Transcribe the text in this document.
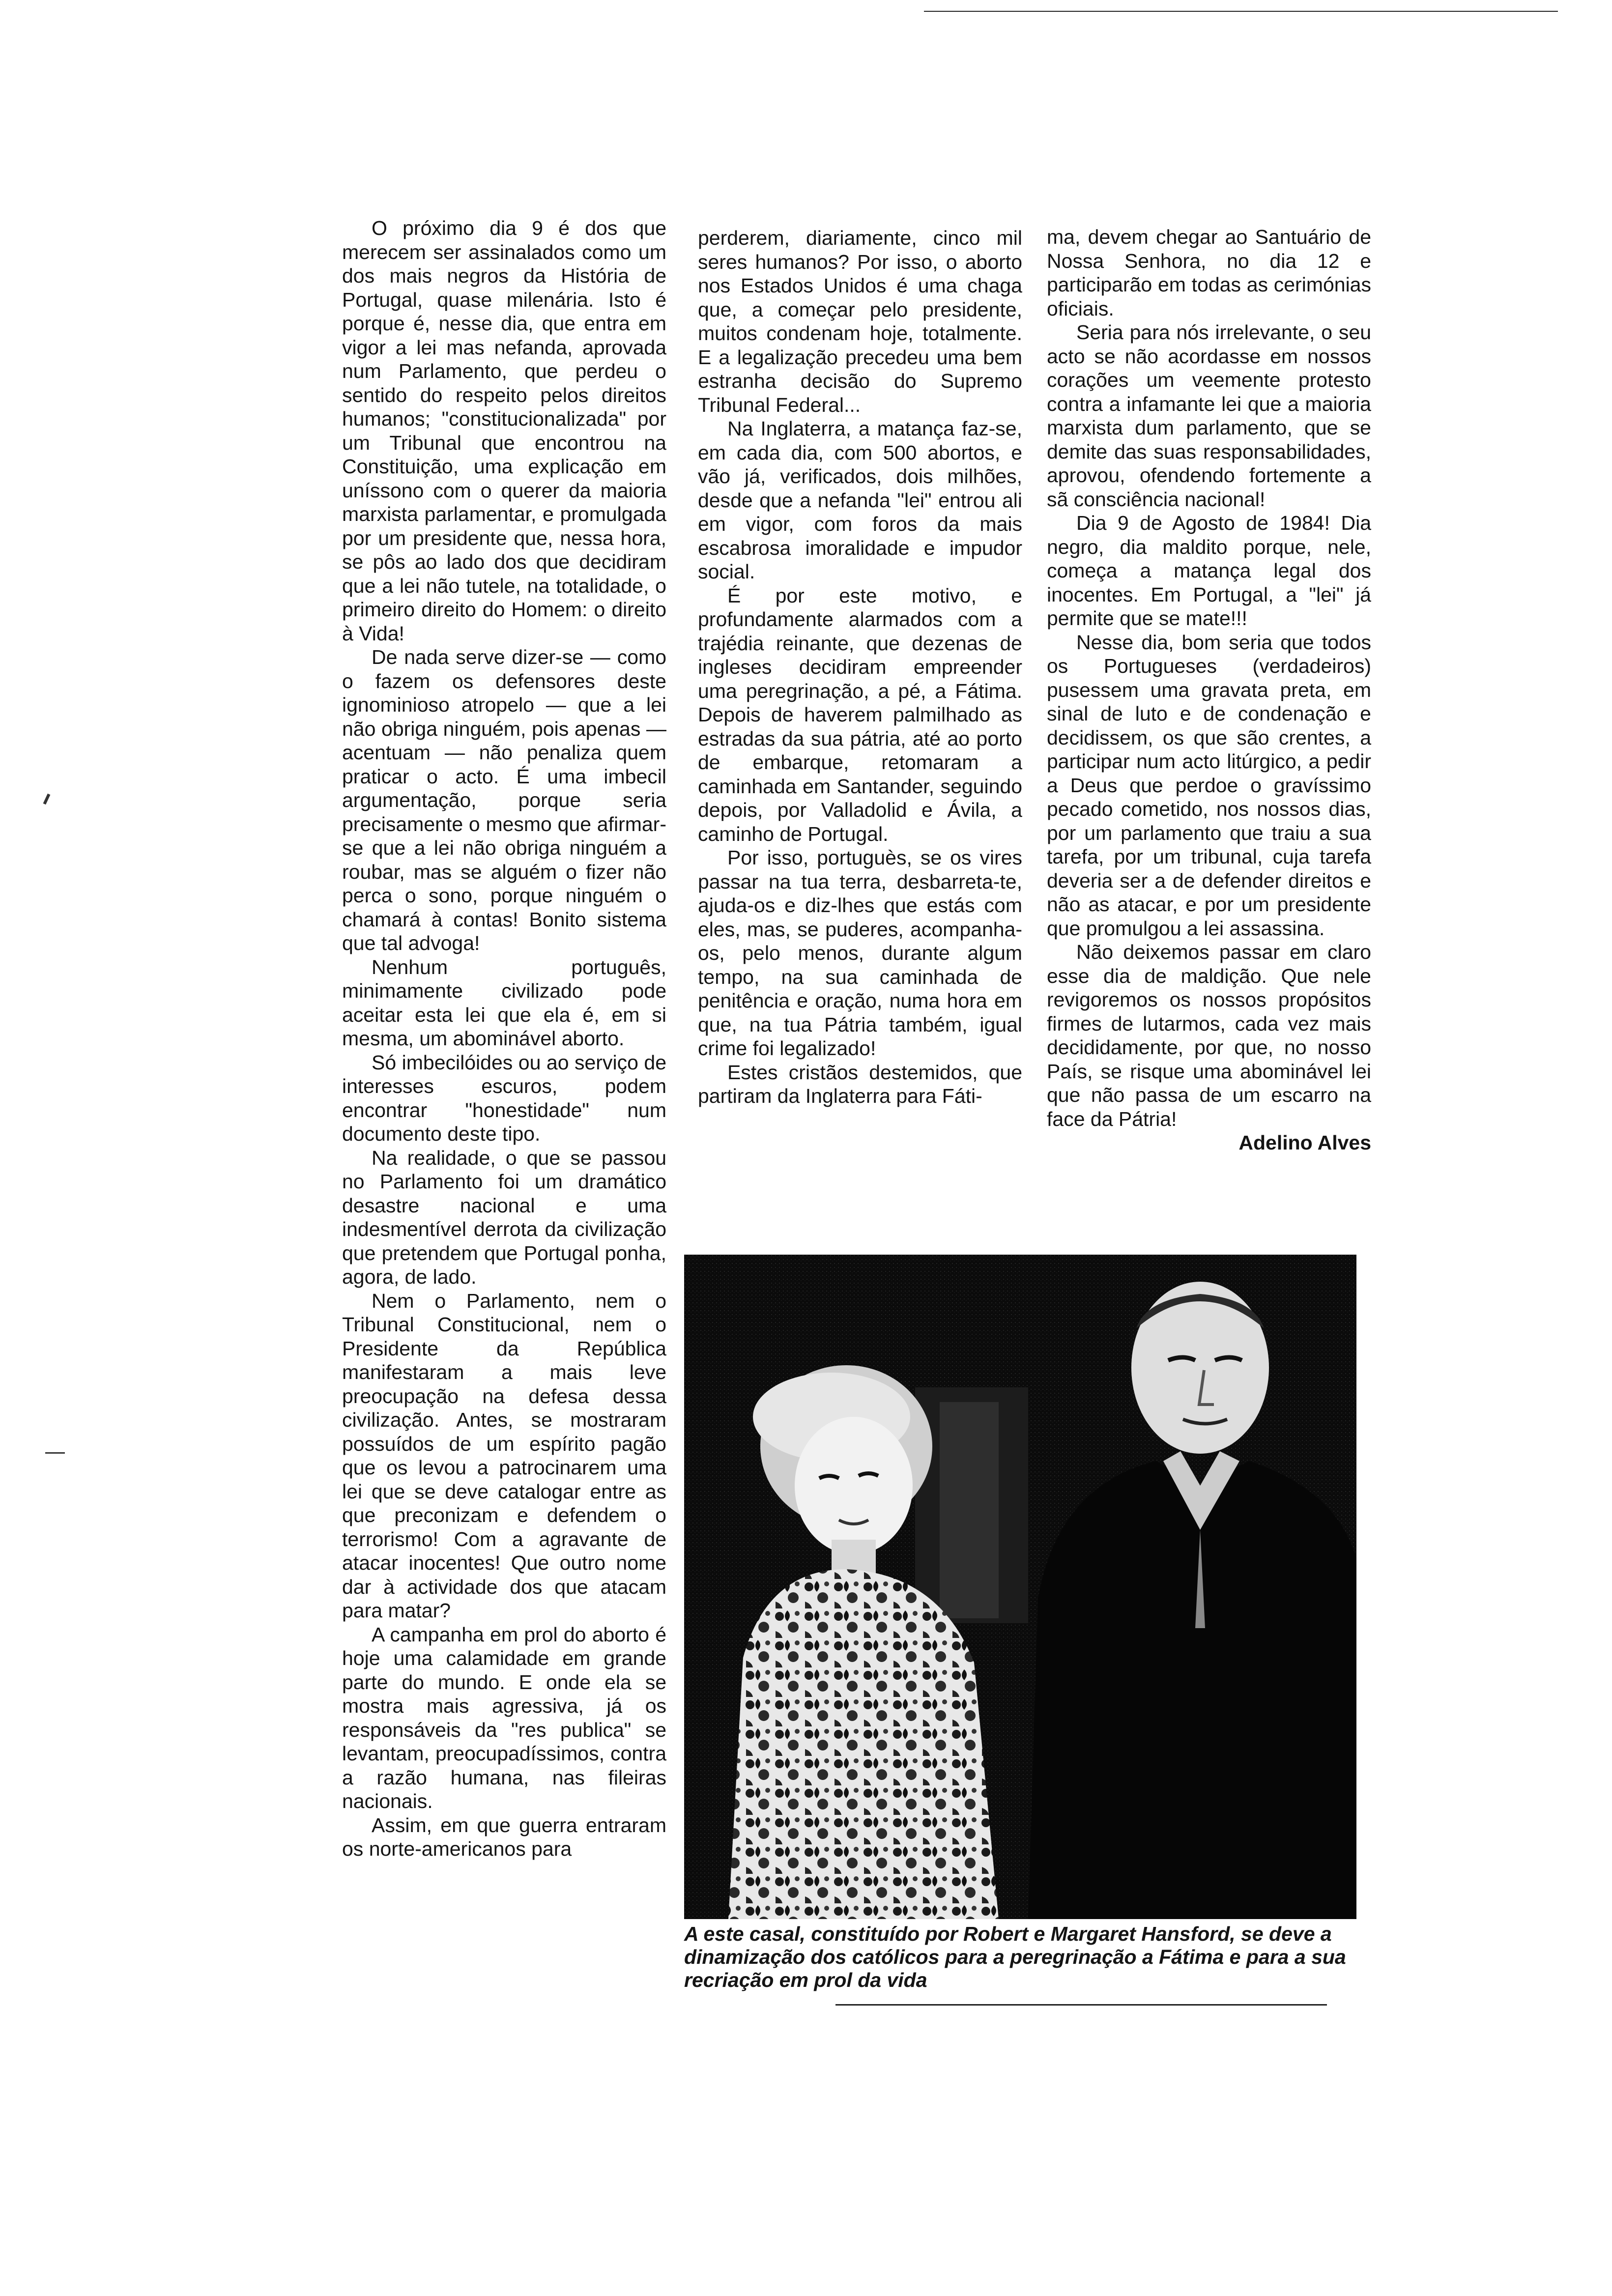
O próximo dia 9 é dos que merecem ser assinalados como um dos mais negros da História de Portugal, quase milenária. Isto é porque é, nesse dia, que entra em vigor a lei mas nefanda, aprovada num Parlamento, que perdeu o sentido do respeito pelos direitos humanos; "constitucionalizada" por um Tribunal que encontrou na Constituição, uma explicação em uníssono com o querer da maioria marxista parlamentar, e promulgada por um presidente que, nessa hora, se pôs ao lado dos que decidiram que a lei não tutele, na totalidade, o primeiro direito do Homem: o direito à Vida!

De nada serve dizer-se — como o fazem os defensores deste ignominioso atropelo — que a lei não obriga ninguém, pois apenas — acentuam — não penaliza quem praticar o acto. É uma imbecil argumentação, porque seria precisamente o mesmo que afirmar-se que a lei não obriga ninguém a roubar, mas se alguém o fizer não perca o sono, porque ninguém o chamará à contas! Bonito sistema que tal advoga!

Nenhum português, minimamente civilizado pode aceitar esta lei que ela é, em si mesma, um abominável aborto.

Só imbecilóides ou ao serviço de interesses escuros, podem encontrar "honestidade" num documento deste tipo.

Na realidade, o que se passou no Parlamento foi um dramático desastre nacional e uma indesmentível derrota da civilização que pretendem que Portugal ponha, agora, de lado.

Nem o Parlamento, nem o Tribunal Constitucional, nem o Presidente da República manifestaram a mais leve preocupação na defesa dessa civilização. Antes, se mostraram possuídos de um espírito pagão que os levou a patrocinarem uma lei que se deve catalogar entre as que preconizam e defendem o terrorismo! Com a agravante de atacar inocentes! Que outro nome dar à actividade dos que atacam para matar?

A campanha em prol do aborto é hoje uma calamidade em grande parte do mundo. E onde ela se mostra mais agressiva, já os responsáveis da "res publica" se levantam, preocupadíssimos, contra a razão humana, nas fileiras nacionais.

Assim, em que guerra entraram os norte-americanos para

perderem, diariamente, cinco mil seres humanos? Por isso, o aborto nos Estados Unidos é uma chaga que, a começar pelo presidente, muitos condenam hoje, totalmente. E a legalização precedeu uma bem estranha decisão do Supremo Tribunal Federal...

Na Inglaterra, a matança faz-se, em cada dia, com 500 abortos, e vão já, verificados, dois milhões, desde que a nefanda "lei" entrou ali em vigor, com foros da mais escabrosa imoralidade e impudor social.

É por este motivo, e profundamente alarmados com a trajédia reinante, que dezenas de ingleses decidiram empreender uma peregrinação, a pé, a Fátima. Depois de haverem palmilhado as estradas da sua pátria, até ao porto de embarque, retomaram a caminhada em Santander, seguindo depois, por Valladolid e Ávila, a caminho de Portugal.

Por isso, portuguès, se os vires passar na tua terra, desbarreta-te, ajuda-os e diz-lhes que estás com eles, mas, se puderes, acompanha-os, pelo menos, durante algum tempo, na sua caminhada de penitência e oração, numa hora em que, na tua Pátria também, igual crime foi legalizado!

Estes cristãos destemidos, que partiram da Inglaterra para Fáti-

ma, devem chegar ao Santuário de Nossa Senhora, no dia 12 e participarão em todas as cerimónias oficiais.

Seria para nós irrelevante, o seu acto se não acordasse em nossos corações um veemente protesto contra a infamante lei que a maioria marxista dum parlamento, que se demite das suas responsabilidades, aprovou, ofendendo fortemente a sã consciência nacional!

Dia 9 de Agosto de 1984! Dia negro, dia maldito porque, nele, começa a matança legal dos inocentes. Em Portugal, a "lei" já permite que se mate!!!

Nesse dia, bom seria que todos os Portugueses (verdadeiros) pusessem uma gravata preta, em sinal de luto e de condenação e decidissem, os que são crentes, a participar num acto litúrgico, a pedir a Deus que perdoe o gravíssimo pecado cometido, nos nossos dias, por um parlamento que traiu a sua tarefa, por um tribunal, cuja tarefa deveria ser a de defender direitos e não as atacar, e por um presidente que promulgou a lei assassina.

Não deixemos passar em claro esse dia de maldição. Que nele revigoremos os nossos propósitos firmes de lutarmos, cada vez mais decididamente, por que, no nosso País, se risque uma abominável lei que não passa de um escarro na face da Pátria!

Adelino Alves

A este casal, constituído por Robert e Margaret Hansford, se deve a dinamização dos católicos para a peregrinação a Fátima e para a sua recriação em prol da vida
